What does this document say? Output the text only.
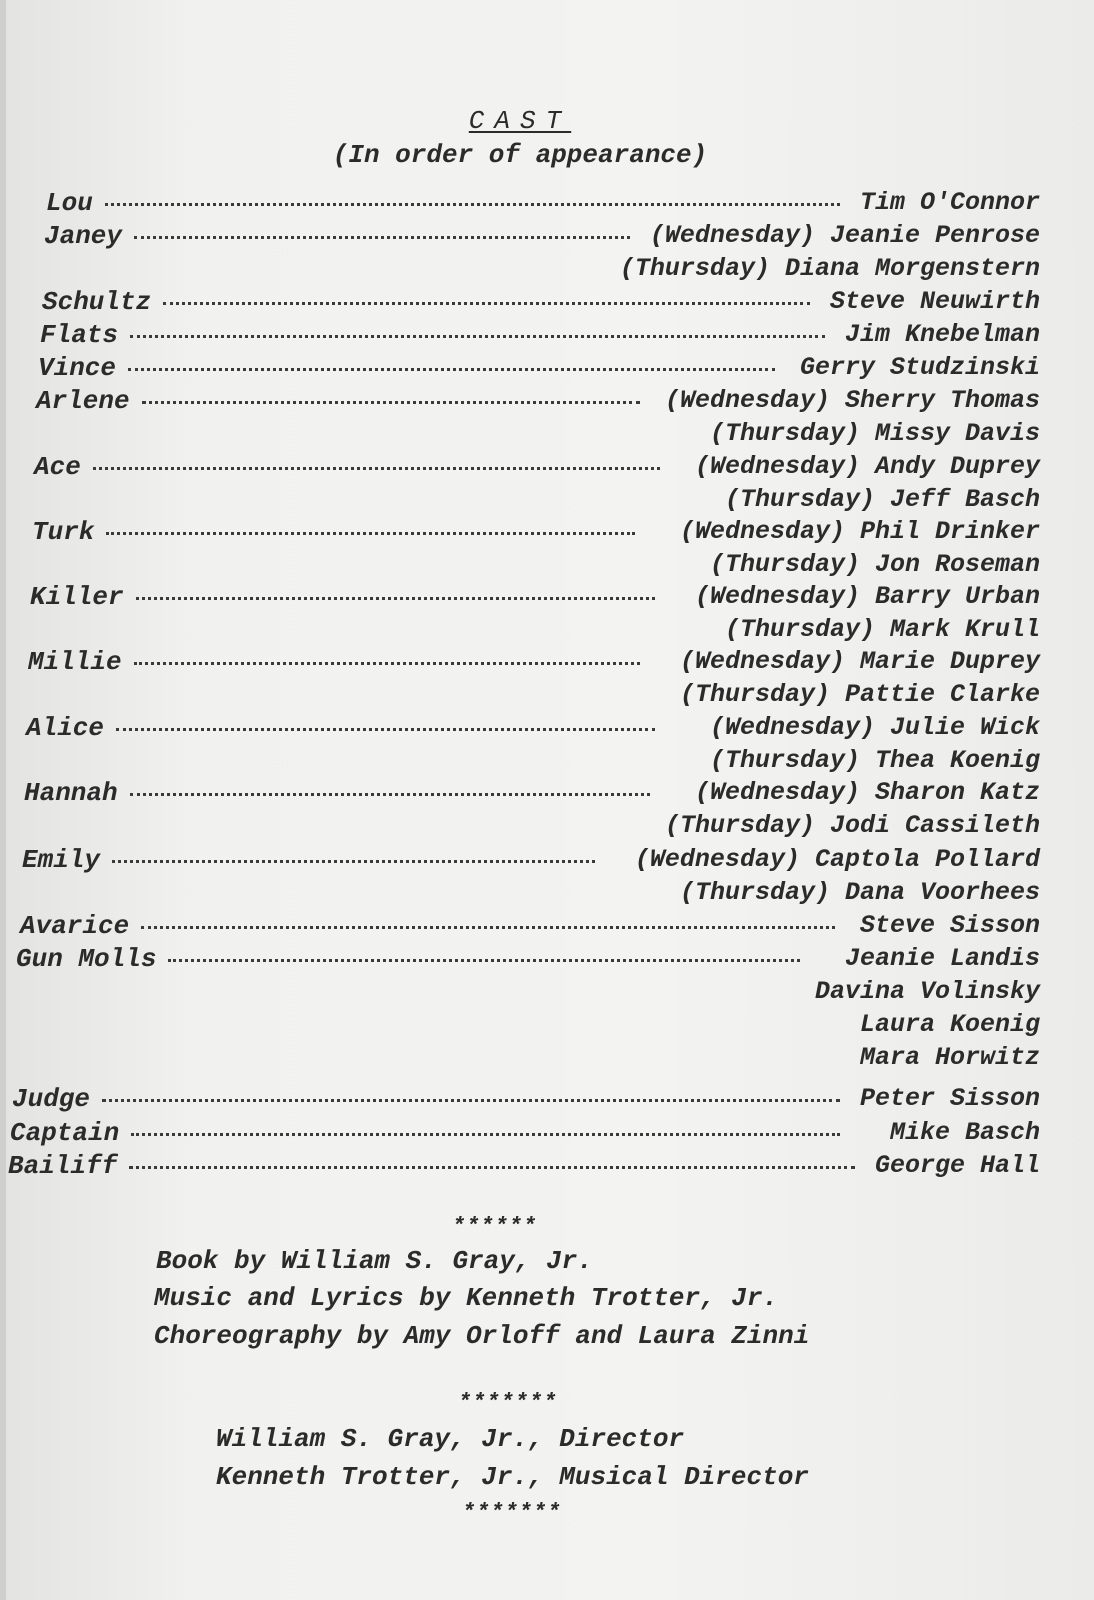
CAST
(In order of appearance)
Lou	Tim O'Connor
Janey	(Wednesday) Jeanie Penrose
(Thursday) Diana Morgenstern
Schultz	Steve Neuwirth
Flats	Jim Knebelman
Vince	Gerry Studzinski
Arlene	(Wednesday) Sherry Thomas
(Thursday) Missy Davis
Ace	(Wednesday) Andy Duprey
(Thursday) Jeff Basch
Turk	(Wednesday) Phil Drinker
(Thursday) Jon Roseman
Killer	(Wednesday) Barry Urban
(Thursday) Mark Krull
Millie	(Wednesday) Marie Duprey
(Thursday) Pattie Clarke
Alice	(Wednesday) Julie Wick
(Thursday) Thea Koenig
Hannah	(Wednesday) Sharon Katz
(Thursday) Jodi Cassileth
Emily	(Wednesday) Captola Pollard
(Thursday) Dana Voorhees
Avarice	Steve Sisson
Gun Molls	Jeanie Landis
Davina Volinsky
Laura Koenig
Mara Horwitz
Judge	Peter Sisson
Captain	Mike Basch
Bailiff	George Hall
******
Book by William S. Gray, Jr.
Music and Lyrics by Kenneth Trotter, Jr.
Choreography by Amy Orloff and Laura Zinni
*******
William S. Gray, Jr., Director
Kenneth Trotter, Jr., Musical Director
*******
